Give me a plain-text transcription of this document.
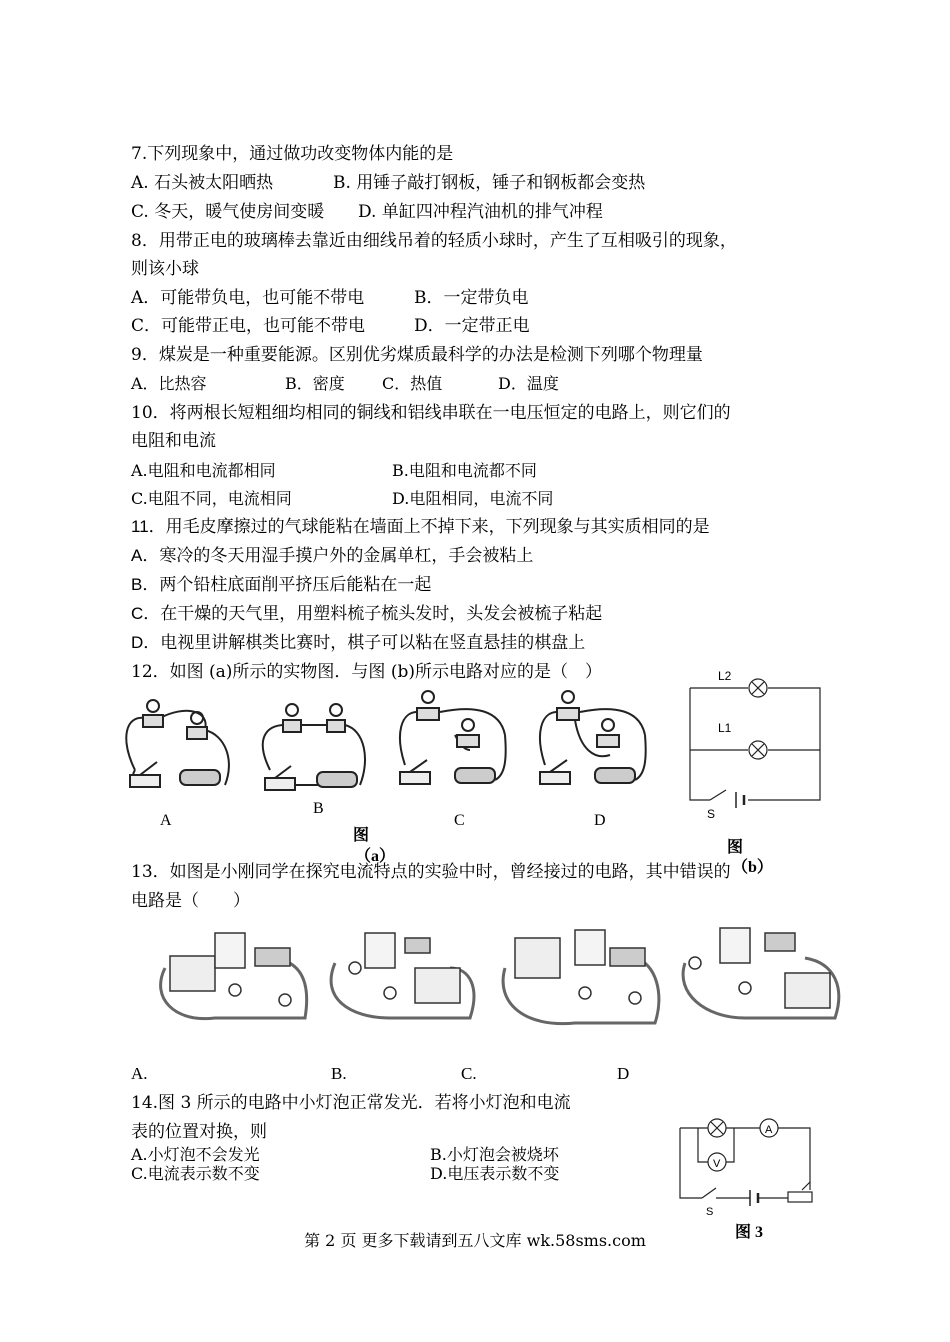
7.下列现象中，通过做功改变物体内能的是
A. 石头被太阳晒热	B. 用锤子敲打钢板，锤子和钢板都会变热
C. 冬天，暖气使房间变暖 D. 单缸四冲程汽油机的排气冲程
8．用带正电的玻璃棒去靠近由细线吊着的轻质小球时，产生了互相吸引的现象，
则该小球
A．可能带负电，也可能不带电	B．一定带负电
C．可能带正电，也可能不带电	D．一定带正电
9．煤炭是一种重要能源。区别优劣煤质最科学的办法是检测下列哪个物理量
A．比热容	B．密度 C．热值	D．温度
10．将两根长短粗细均相同的铜线和铝线串联在一电压恒定的电路上，则它们的
电阻和电流
A.电阻和电流都相同	B.电阻和电流都不同
C.电阻不同，电流相同	D.电阻相同，电流不同
11．用毛皮摩擦过的气球能粘在墙面上不掉下来，下列现象与其实质相同的是
A．寒冷的冬天用湿手摸户外的金属单杠，手会被粘上
B．两个铅柱底面削平挤压后能粘在一起
C．在干燥的天气里，用塑料梳子梳头发时，头发会被梳子粘起
D．电视里讲解棋类比赛时，棋子可以粘在竖直悬挂的棋盘上
12．如图 (a)所示的实物图．与图 (b)所示电路对应的是（　）
A
B
C	D
图
（a）
L2
L1
S
图
（b）
13．如图是小刚同学在探究电流特点的实验中时，曾经接过的电路，其中错误的
电路是（　　）
A.	B.	C.	D
14.图 3 所示的电路中小灯泡正常发光．若将小灯泡和电流
表的位置对换，则
A.小灯泡不会发光	B.小灯泡会被烧坏
C.电流表示数不变	D.电压表示数不变
A
V
S
图 3
第 2 页 更多下载请到五八文库 wk.58sms.com
